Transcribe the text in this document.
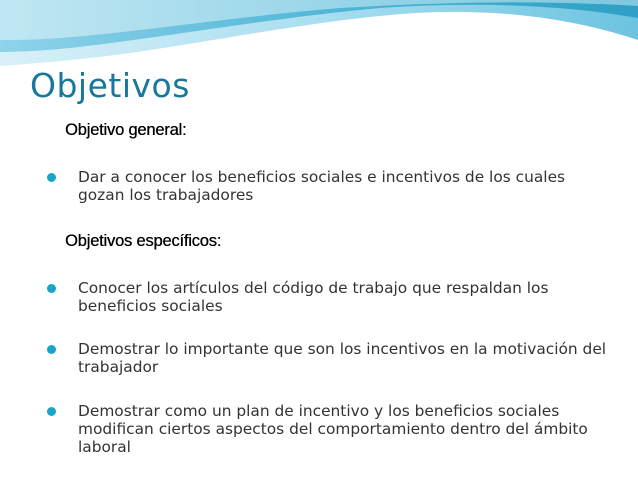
Objetivos
Objetivo general:
Dar a conocer los beneficios sociales e incentivos de los cuales gozan los trabajadores
Objetivos específicos:
Conocer los artículos del código de trabajo que respaldan los beneficios sociales
Demostrar lo importante que son los incentivos en la motivación del trabajador
Demostrar como un plan de incentivo y los beneficios sociales modifican ciertos aspectos del comportamiento dentro del ámbito laboral
